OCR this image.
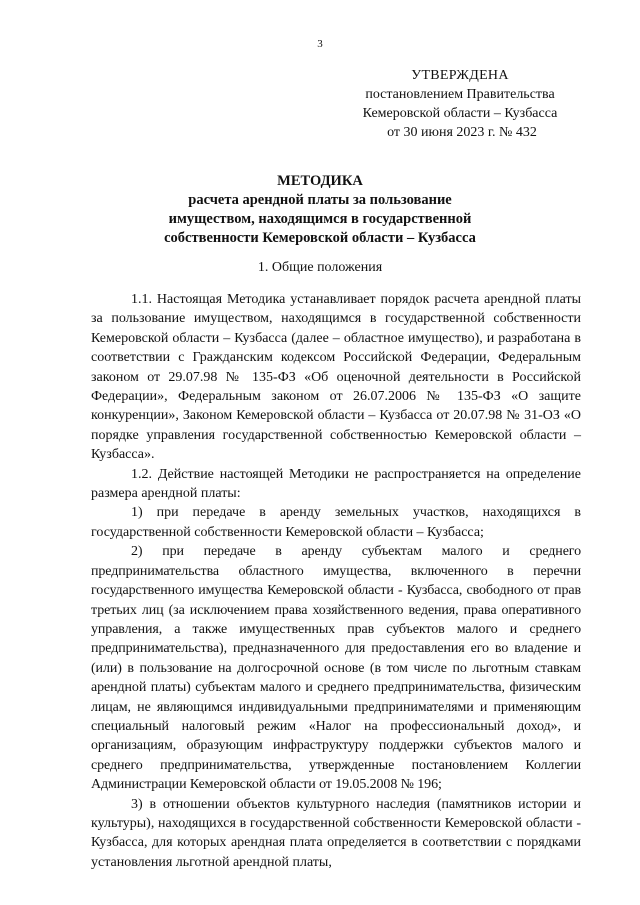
3
УТВЕРЖДЕНА
постановлением Правительства
Кемеровской области – Кузбасса
от 30 июня 2023 г. № 432
МЕТОДИКА
расчета арендной платы за пользование
имуществом, находящимся в государственной
собственности Кемеровской области – Кузбасса
1. Общие положения

1.1. Настоящая Методика устанавливает порядок расчета арендной платы за пользование имуществом, находящимся в государственной собственности Кемеровской области – Кузбасса (далее – областное имущество), и разработана в соответствии с Гражданским кодексом Российской Федерации, Федеральным законом от 29.07.98 № 135-ФЗ «Об оценочной деятельности в Российской Федерации», Федеральным законом от 26.07.2006 № 135-ФЗ «О защите конкуренции», Законом Кемеровской области – Кузбасса от 20.07.98 № 31-ОЗ «О порядке управления государственной собственностью Кемеровской области – Кузбасса».

1.2. Действие настоящей Методики не распространяется на определение размера арендной платы:

1) при передаче в аренду земельных участков, находящихся в государственной собственности Кемеровской области – Кузбасса;

2) при передаче в аренду субъектам малого и среднего предпринимательства областного имущества, включенного в перечни государственного имущества Кемеровской области - Кузбасса, свободного от прав третьих лиц (за исключением права хозяйственного ведения, права оперативного управления, а также имущественных прав субъектов малого и среднего предпринимательства), предназначенного для предоставления его во владение и (или) в пользование на долгосрочной основе (в том числе по льготным ставкам арендной платы) субъектам малого и среднего предпринимательства, физическим лицам, не являющимся индивидуальными предпринимателями и применяющим специальный налоговый режим «Налог на профессиональный доход», и организациям, образующим инфраструктуру поддержки субъектов малого и среднего предпринимательства, утвержденные постановлением Коллегии Администрации Кемеровской области от 19.05.2008 № 196;

3) в отношении объектов культурного наследия (памятников истории и культуры), находящихся в государственной собственности Кемеровской области - Кузбасса, для которых арендная плата определяется в соответствии с порядками установления льготной арендной платы,
